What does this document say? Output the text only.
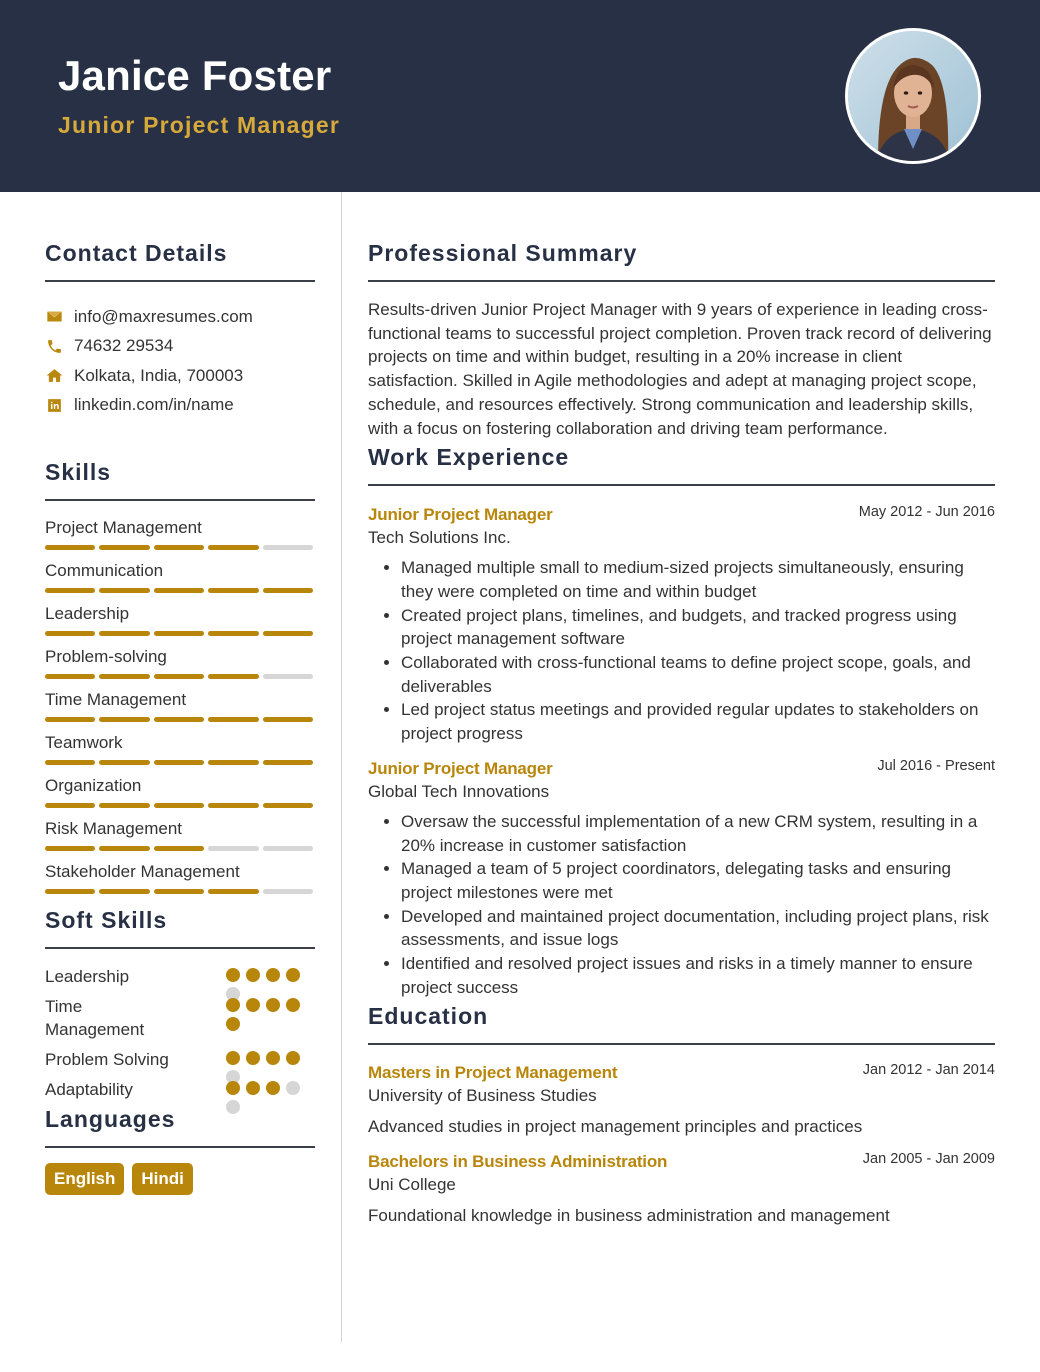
Janice Foster
Junior Project Manager
Contact Details
info@maxresumes.com
74632 29534
Kolkata, India, 700003
linkedin.com/in/name
Skills
Project Management
Communication
Leadership
Problem-solving
Time Management
Teamwork
Organization
Risk Management
Stakeholder Management
Soft Skills
Leadership
Time Management
Problem Solving
Adaptability
Languages
English	Hindi
Professional Summary
Results-driven Junior Project Manager with 9 years of experience in leading cross-functional teams to successful project completion. Proven track record of delivering projects on time and within budget, resulting in a 20% increase in client satisfaction. Skilled in Agile methodologies and adept at managing project scope, schedule, and resources effectively. Strong communication and leadership skills, with a focus on fostering collaboration and driving team performance.
Work Experience
Junior Project Manager	May 2012 - Jun 2016
Tech Solutions Inc.
• Managed multiple small to medium-sized projects simultaneously, ensuring they were completed on time and within budget
• Created project plans, timelines, and budgets, and tracked progress using project management software
• Collaborated with cross-functional teams to define project scope, goals, and deliverables
• Led project status meetings and provided regular updates to stakeholders on project progress
Junior Project Manager	Jul 2016 - Present
Global Tech Innovations
• Oversaw the successful implementation of a new CRM system, resulting in a 20% increase in customer satisfaction
• Managed a team of 5 project coordinators, delegating tasks and ensuring project milestones were met
• Developed and maintained project documentation, including project plans, risk assessments, and issue logs
• Identified and resolved project issues and risks in a timely manner to ensure project success
Education
Masters in Project Management	Jan 2012 - Jan 2014
University of Business Studies
Advanced studies in project management principles and practices
Bachelors in Business Administration	Jan 2005 - Jan 2009
Uni College
Foundational knowledge in business administration and management
